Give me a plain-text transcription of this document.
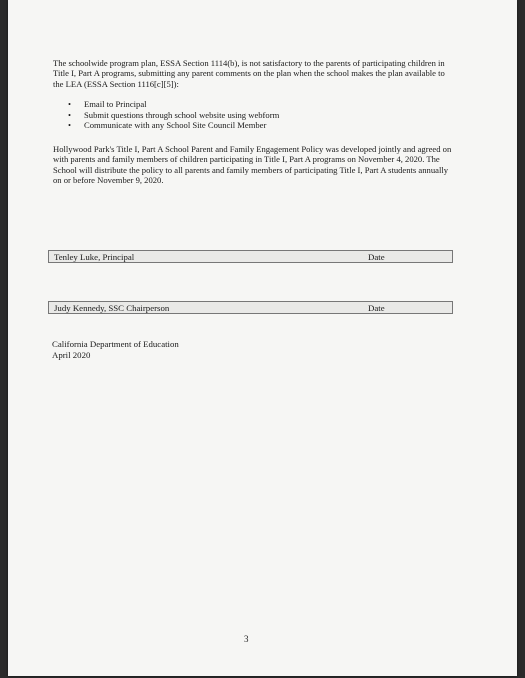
The schoolwide program plan, ESSA Section 1114(b), is not satisfactory to the parents of participating children in Title I, Part A programs, submitting any parent comments on the plan when the school makes the plan available to the LEA (ESSA Section 1116[c][5]):
• Email to Principal
• Submit questions through school website using webform
• Communicate with any School Site Council Member
Hollywood Park's Title I, Part A School Parent and Family Engagement Policy was developed jointly and agreed on with parents and family members of children participating in Title I, Part A programs on November 4, 2020. The School will distribute the policy to all parents and family members of participating Title I, Part A students annually on or before November 9, 2020.
Tenley Luke, Principal	Date
Judy Kennedy, SSC Chairperson	Date
California Department of Education
April 2020
3
